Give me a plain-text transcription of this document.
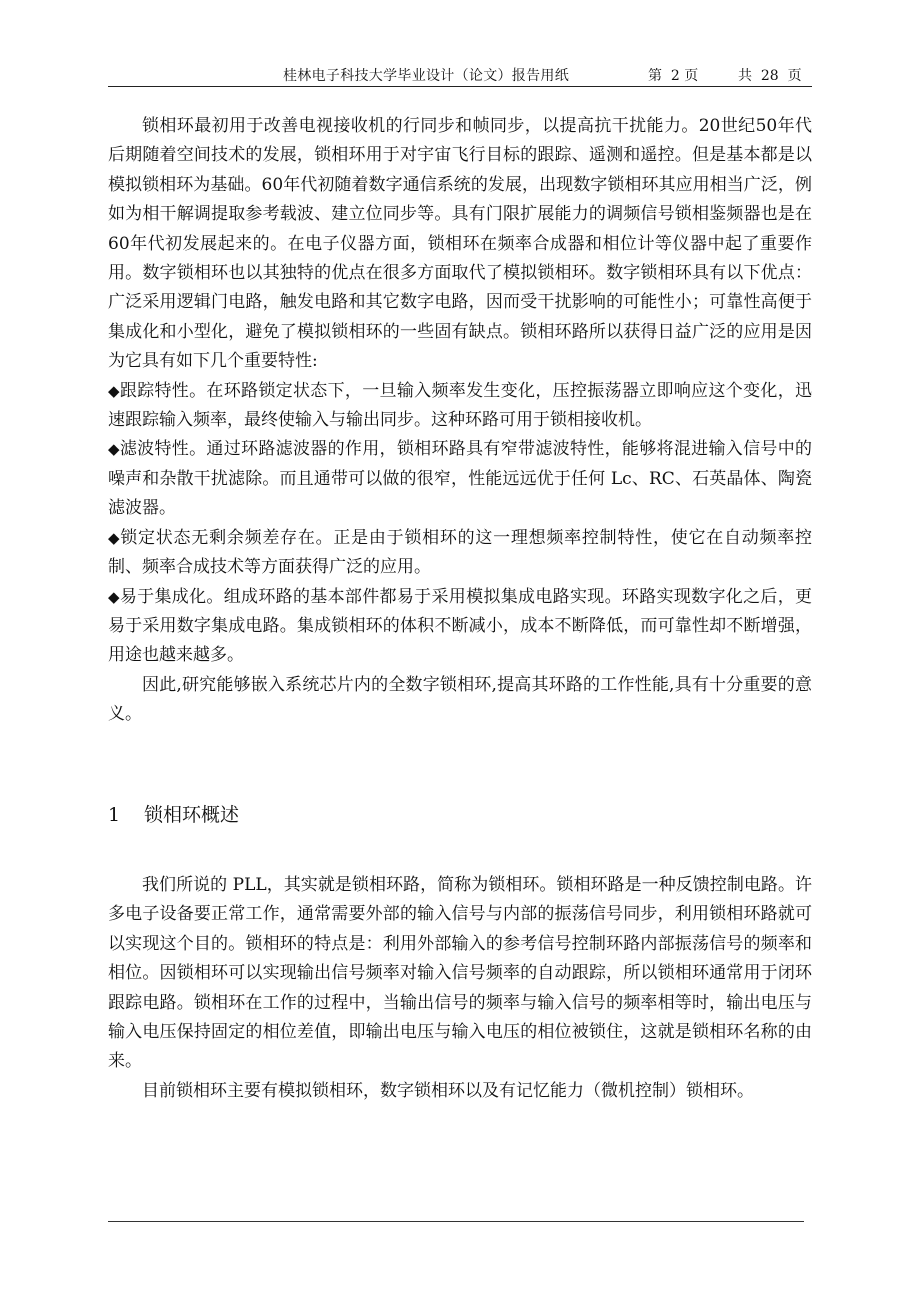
桂林电子科技大学毕业设计（论文）报告用纸	第  2 页	共  28  页

锁相环最初用于改善电视接收机的行同步和帧同步，以提高抗干扰能力。20世纪50年代后期随着空间技术的发展，锁相环用于对宇宙飞行目标的跟踪、遥测和遥控。但是基本都是以模拟锁相环为基础。60年代初随着数字通信系统的发展，出现数字锁相环其应用相当广泛，例如为相干解调提取参考载波、建立位同步等。具有门限扩展能力的调频信号锁相鉴频器也是在60年代初发展起来的。在电子仪器方面，锁相环在频率合成器和相位计等仪器中起了重要作用。数字锁相环也以其独特的优点在很多方面取代了模拟锁相环。数字锁相环具有以下优点：广泛采用逻辑门电路，触发电路和其它数字电路，因而受干扰影响的可能性小；可靠性高便于集成化和小型化，避免了模拟锁相环的一些固有缺点。锁相环路所以获得日益广泛的应用是因为它具有如下几个重要特性:

◆跟踪特性。在环路锁定状态下，一旦输入频率发生变化，压控振荡器立即响应这个变化，迅速跟踪输入频率，最终使输入与输出同步。这种环路可用于锁相接收机。

◆滤波特性。通过环路滤波器的作用，锁相环路具有窄带滤波特性，能够将混进输入信号中的噪声和杂散干扰滤除。而且通带可以做的很窄，性能远远优于任何 Lc、RC、石英晶体、陶瓷滤波器。

◆锁定状态无剩余频差存在。正是由于锁相环的这一理想频率控制特性，使它在自动频率控制、频率合成技术等方面获得广泛的应用。

◆易于集成化。组成环路的基本部件都易于采用模拟集成电路实现。环路实现数字化之后，更易于采用数字集成电路。集成锁相环的体积不断减小，成本不断降低，而可靠性却不断增强，用途也越来越多。

因此,研究能够嵌入系统芯片内的全数字锁相环,提高其环路的工作性能,具有十分重要的意义。

1 锁相环概述

我们所说的 PLL，其实就是锁相环路，简称为锁相环。锁相环路是一种反馈控制电路。许多电子设备要正常工作，通常需要外部的输入信号与内部的振荡信号同步，利用锁相环路就可以实现这个目的。锁相环的特点是：利用外部输入的参考信号控制环路内部振荡信号的频率和相位。因锁相环可以实现输出信号频率对输入信号频率的自动跟踪，所以锁相环通常用于闭环跟踪电路。锁相环在工作的过程中，当输出信号的频率与输入信号的频率相等时，输出电压与输入电压保持固定的相位差值，即输出电压与输入电压的相位被锁住，这就是锁相环名称的由来。

目前锁相环主要有模拟锁相环，数字锁相环以及有记忆能力（微机控制）锁相环。
